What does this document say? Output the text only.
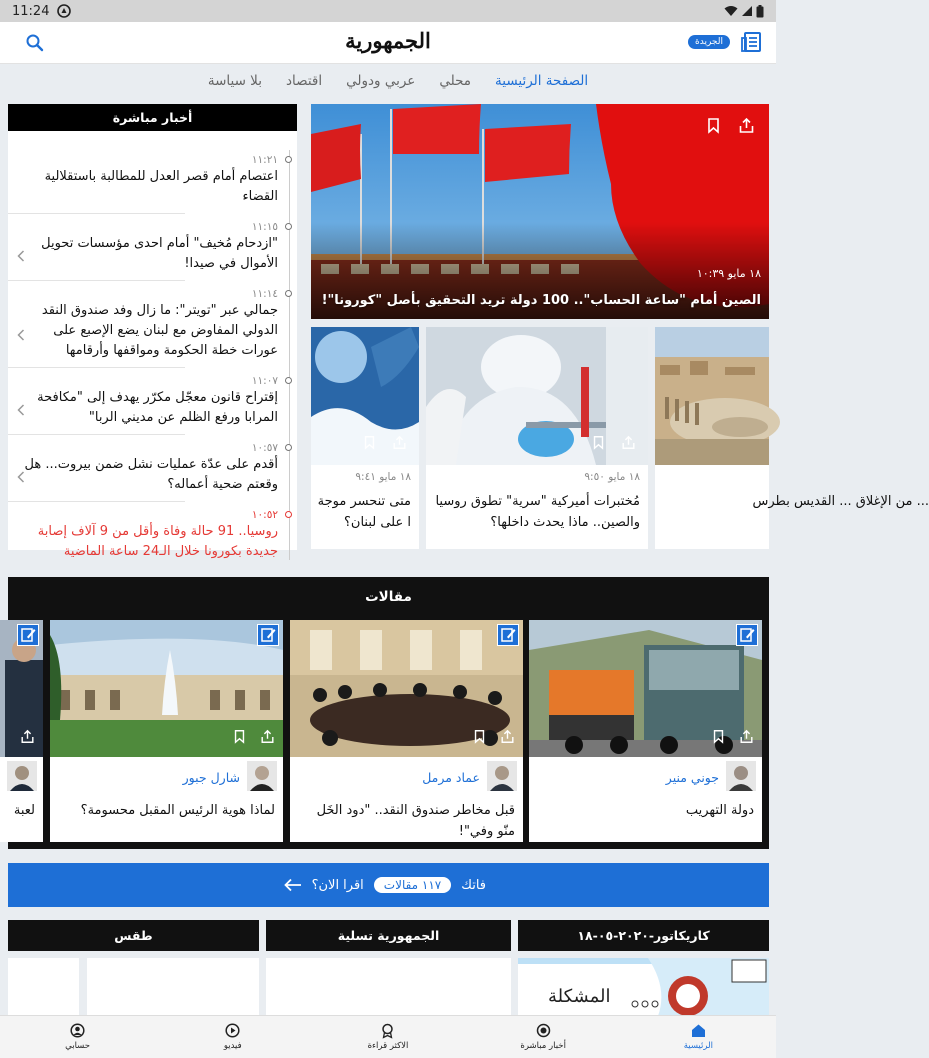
11:24
الجمهورية	الجريدة
الصفحة الرئيسية
محلي
عربي ودولي
اقتصاد
بلا سياسة
أخبار مباشرة
١١:٢١
اعتصام أمام قصر العدل للمطالبة باستقلالية القضاء
١١:١٥
"ازدحام مُخيف" أمام احدى مؤسسات تحويل الأموال في صيدا!
١١:١٤
جمالي عبر "تويتر": ما زال وفد صندوق النقد الدولي المفاوض مع لبنان يضع الإصبع على عورات خطة الحكومة ومواقفها وأرقامها
١١:٠٧
إقتراح قانون معجّل مكرّر يهدف إلى "مكافحة المرابا ورفع الظلم عن مديني الربا"
١٠:٥٧
أقدم على عدّة عمليات نشل ضمن بيروت... هل وقعتم ضحية أعماله؟
١٠:٥٢
روسيا.. 91 حالة وفاة وأقل من 9 آلاف إصابة جديدة بكورونا خلال الـ24 ساعة الماضية
١٨ مايو ١٠:٣٩
الصين أمام "ساعة الحساب".. 100 دولة تريد التحقيق بأصل "كورونا"!
... من الإغلاق ... القديس بطرس
١٨ مايو ٩:٥٠
مُختبرات أميركية "سرية" تطوق روسيا والصين.. ماذا يحدث داخلها؟
١٨ مايو ٩:٤١
متى تنحسر موجة ا على لبنان؟
مقالات
جوني منير
دولة التهريب
عماد مرمل
قبل مخاطر صندوق النقد.. "دود الخَل منّو وفي"!
شارل جبور
لماذا هوية الرئيس المقبل محسومة؟
لعبة
فاتك
١١٧ مقالات
اقرا الان؟
كاريكاتور-٢٠٢٠-٠٥-١٨
الجمهورية تسلية
طقس
المشكلة
الرئيسية
أخبار مباشرة
الاكثر قراءة
فيديو
حسابي
